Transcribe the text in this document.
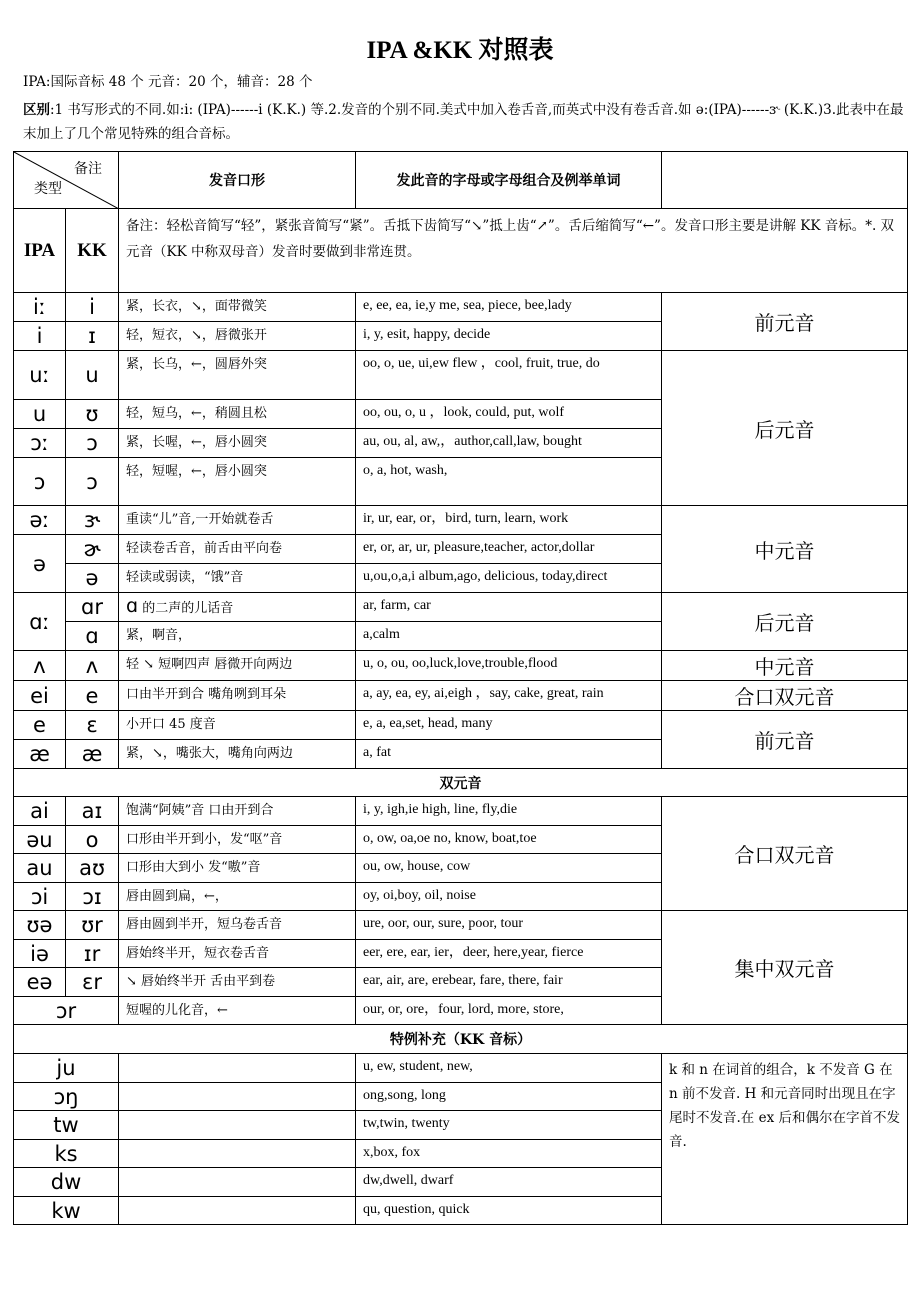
IPA &KK 对照表
IPA:国际音标 48 个 元音：20 个，辅音：28 个
区别:1 书写形式的不同.如:i: (IPA)------i (K.K.) 等.2.发音的个别不同.美式中加入卷舌音,而英式中没有卷舌音.如 ə:(IPA)------ɝ (K.K.)3.此表中在最末加上了几个常见特殊的组合音标。
备注
类型		发音口形	发此音的字母或字母组合及例举单词	
IPA	KK	备注：轻松音简写“轻”，紧张音简写“紧”。舌抵下齿简写“↘”抵上齿“↗”。舌后缩简写“←”。发音口形主要是讲解 KK 音标。*. 双元音（KK 中称双母音）发音时要做到非常连贯。		
iː	i	紧，长衣，↘，面带微笑	e, ee, ea, ie,y me, sea, piece, bee,lady	前元音
i	ɪ	轻，短衣，↘，唇微张开	i, y, esit, happy, decide	
uː	u	紧，长乌，←，圆唇外突	oo, o, ue, ui,ew flew ，cool, fruit, true, do	后元音
u	ʊ	轻，短乌，←，稍圆且松	oo, ou, o, u ，look, could, put, wolf	
ɔː	ɔ	紧，长喔，←，唇小圆突	au, ou, al, aw,，author,call,law, bought	
ɔ	ɔ	轻，短喔，←，唇小圆突	o, a, hot, wash,	
əː	ɝ	重读“儿”音,一开始就卷舌	ir, ur, ear, or，bird, turn, learn, work	中元音
ə	ɚ	轻读卷舌音，前舌由平向卷	er, or, ar, ur, pleasure,teacher, actor,dollar	
	ə	轻读或弱读，“饿”音	u,ou,o,a,i album,ago, delicious, today,direct	
ɑː	ɑr	ɑ 的二声的儿话音	ar, farm, car	后元音
	ɑ	紧，啊音，	a,calm	
ʌ	ʌ	轻 ↘ 短啊四声 唇微开向两边	u, o, ou, oo,luck,love,trouble,flood	中元音
ei	e	口由半开到合 嘴角咧到耳朵	a, ay, ea, ey, ai,eigh ，say, cake, great, rain	合口双元音
e	ɛ	小开口 45 度音	e, a, ea,set, head, many	前元音
æ	æ	紧，↘，嘴张大，嘴角向两边	a, fat	
双元音				
ai	aɪ	饱满“阿姨”音 口由开到合	i, y, igh,ie high, line, fly,die	合口双元音
əu	o	口形由半开到小，发“呕”音	o, ow, oa,oe no, know, boat,toe	
au	aʊ	口形由大到小 发“嗷”音	ou, ow, house, cow	
ɔi	ɔɪ	唇由圆到扁，←，	oy, oi,boy, oil, noise	
ʊə	ʊr	唇由圆到半开，短乌卷舌音	ure, oor, our, sure, poor, tour	集中双元音
iə	ɪr	唇始终半开，短衣卷舌音	eer, ere, ear, ier，deer, here,year, fierce	
eə	ɛr	↘ 唇始终半开 舌由平到卷	ear, air, are, erebear, fare, there, fair	
ɔr		短喔的儿化音，←	our, or, ore，four, lord, more, store,	
特例补充（KK 音标）				
ju			u, ew, student, new,	k 和 n 在词首的组合，k 不发音 G 在 n 前不发音. H 和元音同时出现且在字尾时不发音.在 ex 后和偶尔在字首不发音.
ɔŋ			ong,song, long	
tw			tw,twin, twenty	
ks			x,box, fox	
dw			dw,dwell, dwarf	
kw			qu, question, quick	
